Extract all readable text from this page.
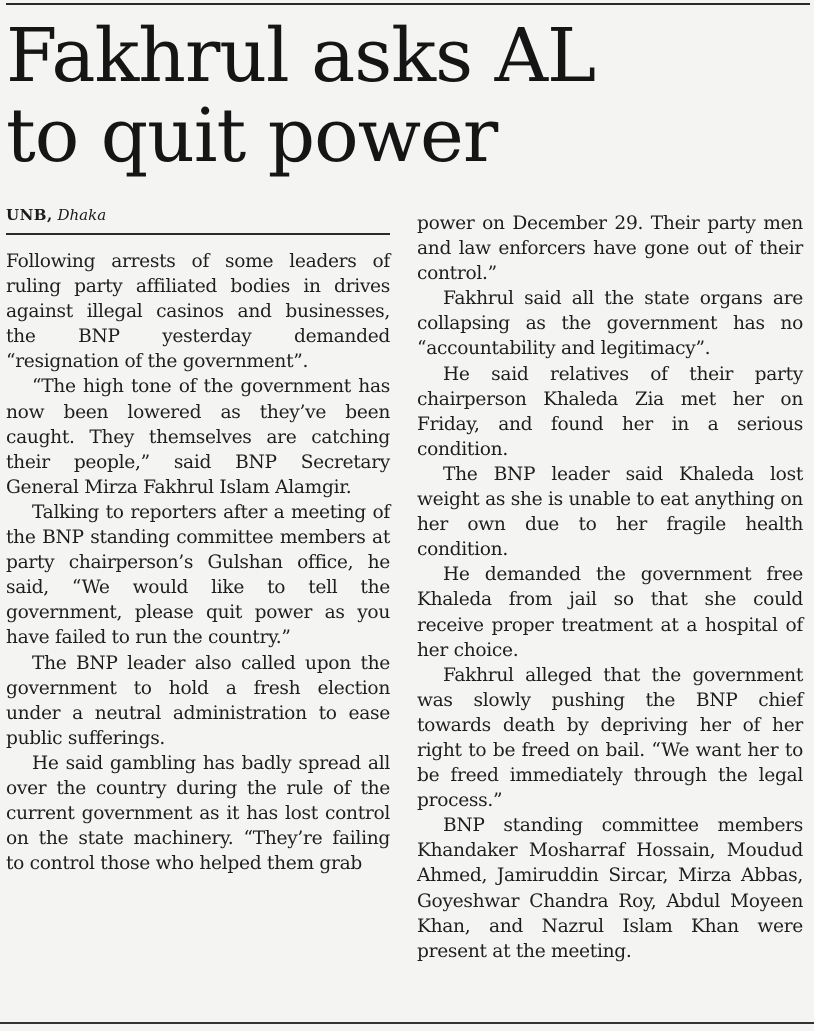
Fakhrul asks AL
to quit power
UNB, Dhaka

Following arrests of some leaders of ruling party affiliated bodies in drives against illegal casinos and businesses, the BNP yesterday demanded “resignation of the government”.

“The high tone of the government has now been lowered as they’ve been caught. They themselves are catching their people,” said BNP Secretary General Mirza Fakhrul Islam Alamgir.

Talking to reporters after a meeting of the BNP standing committee members at party chairperson’s Gulshan office, he said, “We would like to tell the government, please quit power as you have failed to run the country.”

The BNP leader also called upon the government to hold a fresh election under a neutral administration to ease public sufferings.

He said gambling has badly spread all over the country during the rule of the current government as it has lost control on the state machinery. “They’re failing to control those who helped them grab

power on December 29. Their party men and law enforcers have gone out of their control.”

Fakhrul said all the state organs are collapsing as the government has no “accountability and legitimacy”.

He said relatives of their party chairperson Khaleda Zia met her on Friday, and found her in a serious condition.

The BNP leader said Khaleda lost weight as she is unable to eat anything on her own due to her fragile health condition.

He demanded the government free Khaleda from jail so that she could receive proper treatment at a hospital of her choice.

Fakhrul alleged that the government was slowly pushing the BNP chief towards death by depriving her of her right to be freed on bail. “We want her to be freed immediately through the legal process.”

BNP standing committee members Khandaker Mosharraf Hossain, Moudud Ahmed, Jamiruddin Sircar, Mirza Abbas, Goyeshwar Chandra Roy, Abdul Moyeen Khan, and Nazrul Islam Khan were present at the meeting.
